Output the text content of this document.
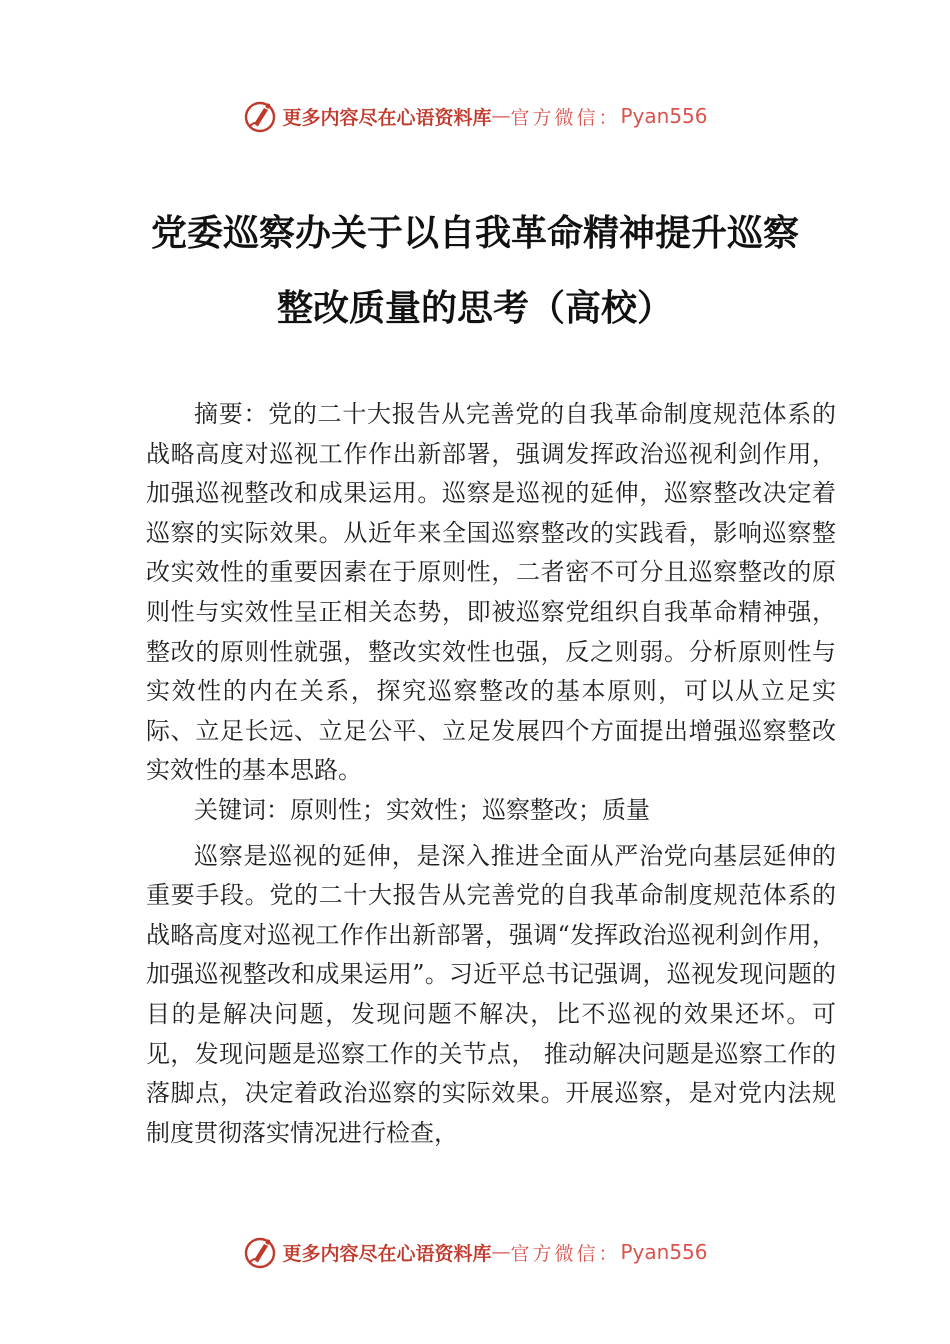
更多内容尽在心语资料库 — 官方微信： Pyan556
党委巡察办关于以自我革命精神提升巡察
整改质量的思考（高校）

摘要：党的二十大报告从完善党的自我革命制度规范体系的战略高度对巡视工作作出新部署，强调发挥政治巡视利剑作用，加强巡视整改和成果运用。巡察是巡视的延伸，巡察整改决定着巡察的实际效果。从近年来全国巡察整改的实践看，影响巡察整改实效性的重要因素在于原则性，二者密不可分且巡察整改的原则性与实效性呈正相关态势，即被巡察党组织自我革命精神强，整改的原则性就强，整改实效性也强，反之则弱。分析原则性与实效性的内在关系，探究巡察整改的基本原则，可以从立足实际、立足长远、立足公平、立足发展四个方面提出增强巡察整改实效性的基本思路。

关键词：原则性；实效性；巡察整改；质量

巡察是巡视的延伸，是深入推进全面从严治党向基层延伸的重要手段。党的二十大报告从完善党的自我革命制度规范体系的战略高度对巡视工作作出新部署，强调“发挥政治巡视利剑作用，加强巡视整改和成果运用”。习近平总书记强调，巡视发现问题的目的是解决问题，发现问题不解决，比不巡视的效果还坏。可见，发现问题是巡察工作的关节点， 推动解决问题是巡察工作的落脚点，决定着政治巡察的实际效果。开展巡察，是对党内法规制度贯彻落实情况进行检查，

更多内容尽在心语资料库 — 官方微信： Pyan556
